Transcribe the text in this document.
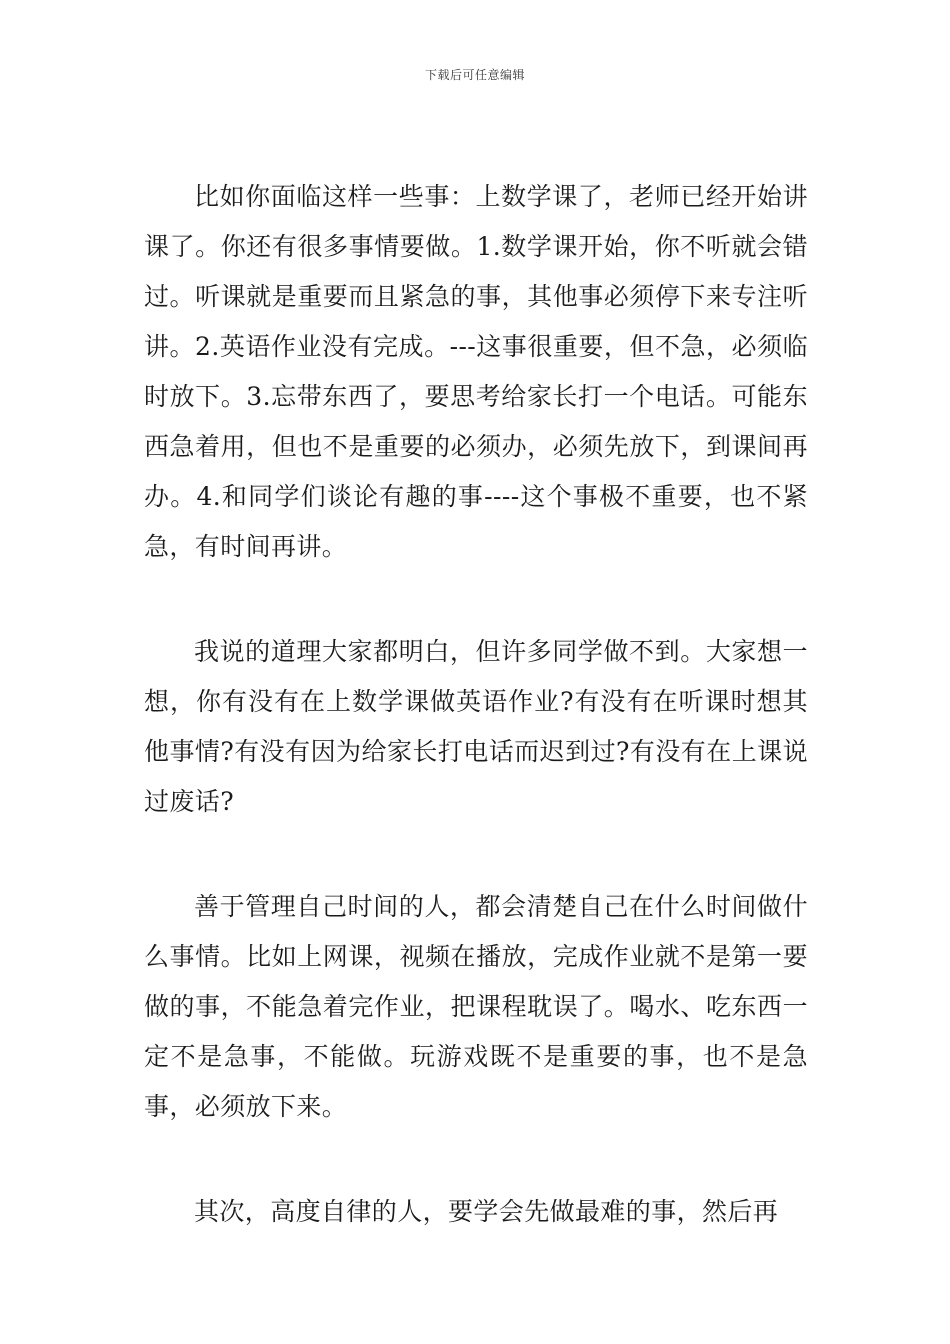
下载后可任意编辑

比如你面临这样一些事：上数学课了，老师已经开始讲课了。你还有很多事情要做。1.数学课开始，你不听就会错过。听课就是重要而且紧急的事，其他事必须停下来专注听讲。2.英语作业没有完成。---这事很重要，但不急，必须临时放下。3.忘带东西了，要思考给家长打一个电话。可能东西急着用，但也不是重要的必须办，必须先放下，到课间再办。4.和同学们谈论有趣的事----这个事极不重要，也不紧急，有时间再讲。

我说的道理大家都明白，但许多同学做不到。大家想一想，你有没有在上数学课做英语作业?有没有在听课时想其他事情?有没有因为给家长打电话而迟到过?有没有在上课说过废话?

善于管理自己时间的人，都会清楚自己在什么时间做什么事情。比如上网课，视频在播放，完成作业就不是第一要做的事，不能急着完作业，把课程耽误了。喝水、吃东西一定不是急事，不能做。玩游戏既不是重要的事，也不是急事，必须放下来。

其次，高度自律的人，要学会先做最难的事，然后再
